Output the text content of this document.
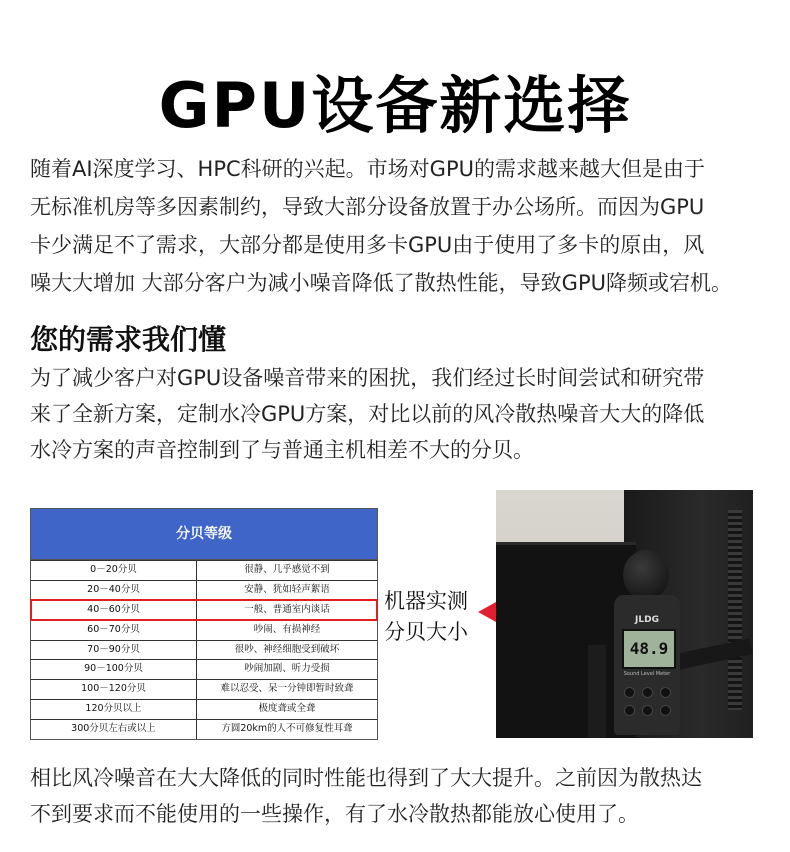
GPU设备新选择

随着AI深度学习、HPC科研的兴起。市场对GPU的需求越来越大但是由于

无标准机房等多因素制约，导致大部分设备放置于办公场所。而因为GPU

卡少满足不了需求，大部分都是使用多卡GPU由于使用了多卡的原由，风

噪大大增加 大部分客户为减小噪音降低了散热性能，导致GPU降频或宕机。

您的需求我们懂

为了减少客户对GPU设备噪音带来的困扰，我们经过长时间尝试和研究带

来了全新方案，定制水冷GPU方案，对比以前的风冷散热噪音大大的降低

水冷方案的声音控制到了与普通主机相差不大的分贝。

分贝等级
0－20分贝	很静、几乎感觉不到
20－40分贝	安静、犹如轻声絮语
40－60分贝	一般、普通室内谈话
60－70分贝	吵闹、有损神经
70－90分贝	很吵、神经细胞受到破坏
90－100分贝	吵闹加剧、听力受损
100－120分贝	难以忍受、呆一分钟即暂时致聋
120分贝以上	极度聋或全聋
300分贝左右或以上	方圆20km的人不可修复性耳聋
机器实测
分贝大小	JLDG
48.9
Sound Level Meter

相比风冷噪音在大大降低的同时性能也得到了大大提升。之前因为散热达

不到要求而不能使用的一些操作，有了水冷散热都能放心使用了。
